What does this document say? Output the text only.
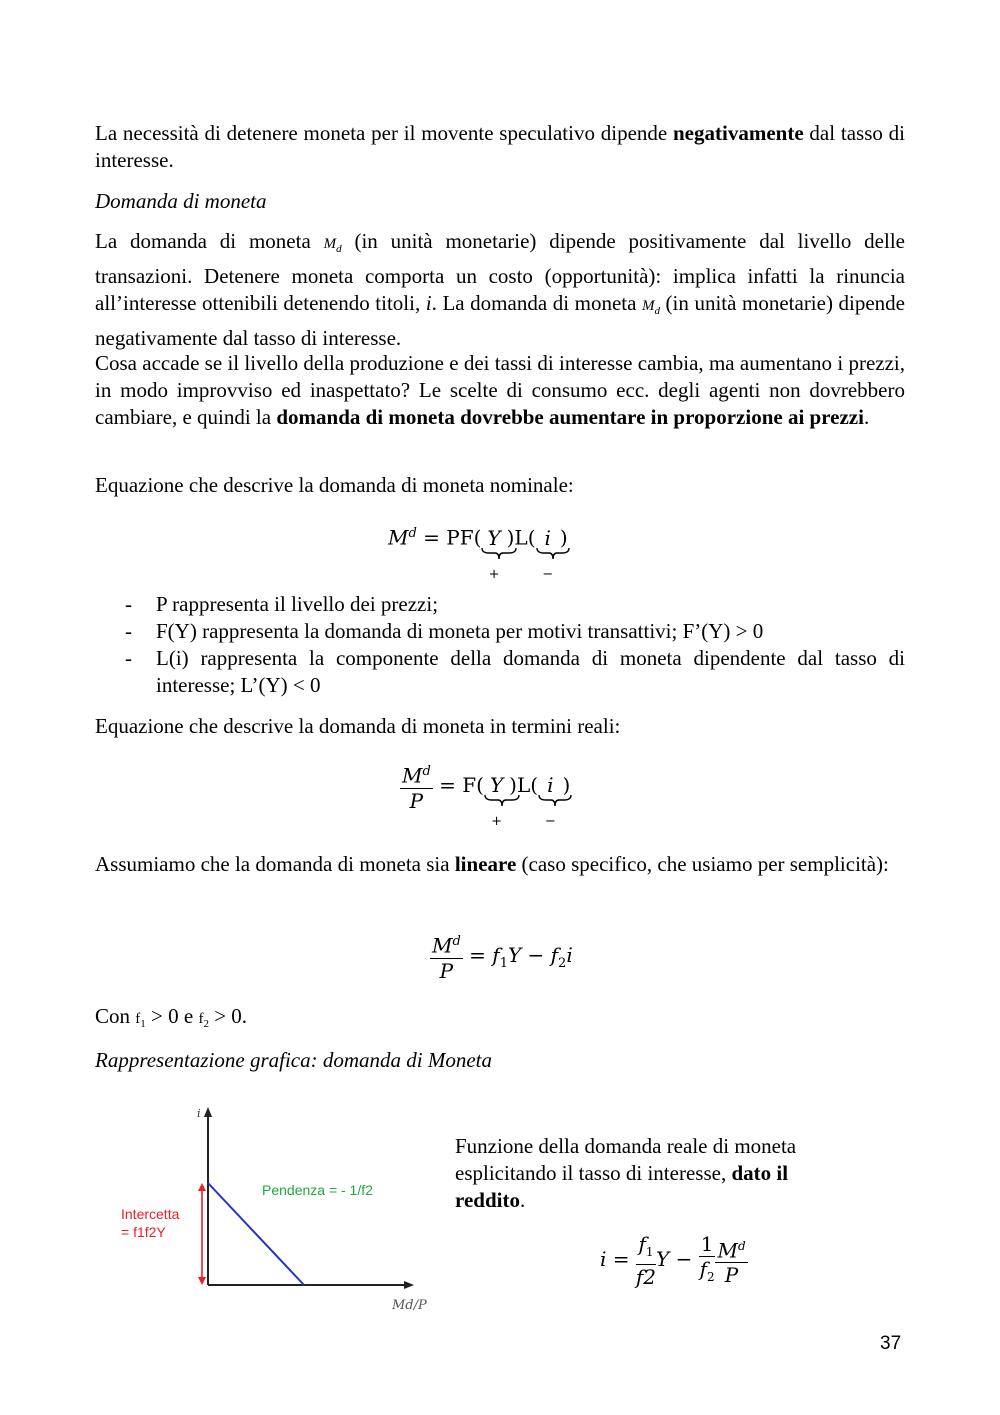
La necessità di detenere moneta per il movente speculativo dipende negativamente dal tasso di interesse.
Domanda di moneta
La domanda di moneta $M_d$ (in unità monetarie) dipende positivamente dal livello delle transazioni. Detenere moneta comporta un costo (opportunità): implica infatti la rinuncia all’interesse ottenibili detenendo titoli, i. La domanda di moneta $M_d$ (in unità monetarie) dipende negativamente dal tasso di interesse.
Cosa accade se il livello della produzione e dei tassi di interesse cambia, ma aumentano i prezzi, in modo improvviso ed inaspettato? Le scelte di consumo ecc. degli agenti non dovrebbero cambiare, e quindi la domanda di moneta dovrebbe aumentare in proporzione ai prezzi.
Equazione che descrive la domanda di moneta nominale:
$M^d = PF$( Y
+
)L( i
−
)
- P rappresenta il livello dei prezzi;
- F(Y) rappresenta la domanda di moneta per motivi transattivi; F’(Y) > 0
- L(i) rappresenta la componente della domanda di moneta dipendente dal tasso di interesse; L’(Y) < 0
Equazione che descrive la domanda di moneta in termini reali:
$\frac{M^d}{P} = F$( Y
+
)L( i
−
)
Assumiamo che la domanda di moneta sia lineare (caso specifico, che usiamo per semplicità):
$\frac{M^d}{P} = f_1Y - f_2i$
Con $f_1 > 0$ e $f_2 > 0$.
Rappresentazione grafica: domanda di Moneta
i
Md/P
Intercetta
= f1f2Y
Pendenza = - 1/f2
Funzione della domanda reale di moneta esplicitando il tasso di interesse, dato il reddito.
$i = \frac{f_1}{f2}$ $Y - \frac{1}{f_2} \frac{M^d}{P}$
37
